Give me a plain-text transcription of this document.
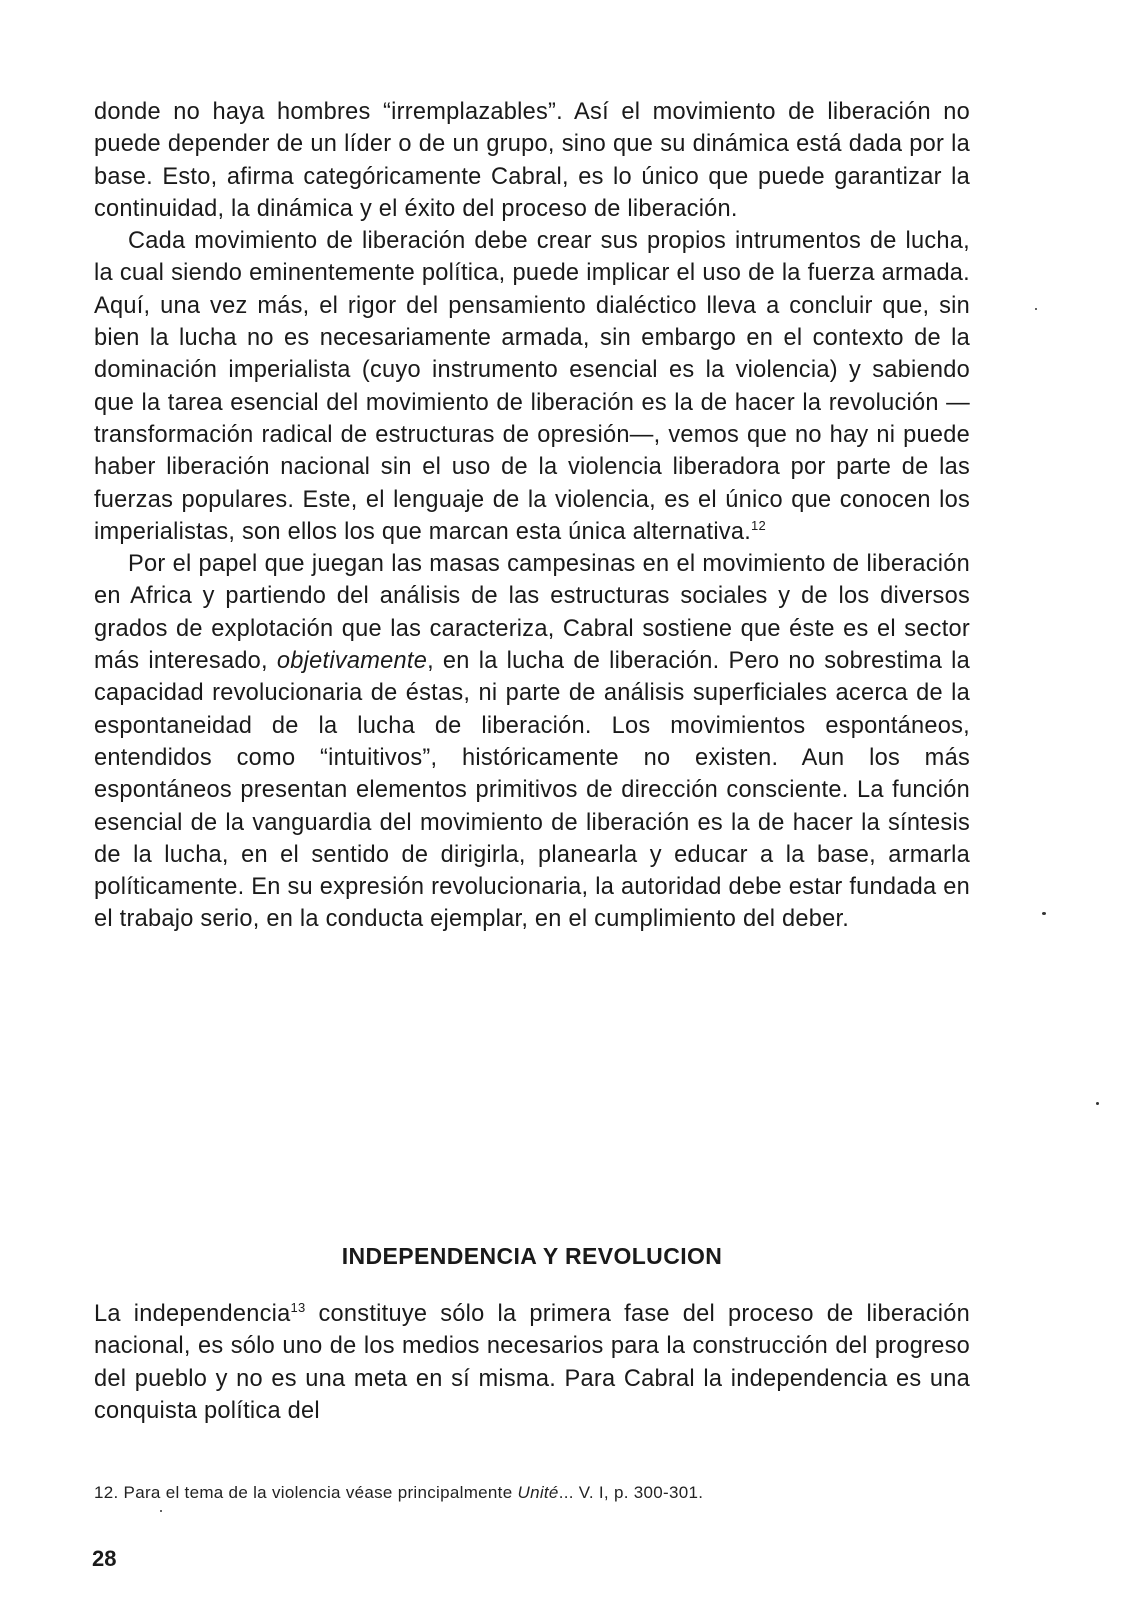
donde no haya hombres “irremplazables”. Así el movimiento de liberación no puede depender de un líder o de un grupo, sino que su dinámica está dada por la base. Esto, afirma categóricamente Cabral, es lo único que puede garantizar la continuidad, la dinámica y el éxito del proceso de liberación.

Cada movimiento de liberación debe crear sus propios intrumentos de lucha, la cual siendo eminentemente política, puede implicar el uso de la fuerza armada. Aquí, una vez más, el rigor del pensamiento dialéctico lleva a concluir que, sin bien la lucha no es necesariamente armada, sin embargo en el contexto de la dominación imperialista (cuyo instrumento esencial es la violencia) y sabiendo que la tarea esencial del movimiento de liberación es la de hacer la revolución —transformación radical de estructuras de opresión—, vemos que no hay ni puede haber liberación nacional sin el uso de la violencia liberadora por parte de las fuerzas populares. Este, el lenguaje de la violencia, es el único que conocen los imperialistas, son ellos los que marcan esta única alternativa.$^{12}$

Por el papel que juegan las masas campesinas en el movimiento de liberación en Africa y partiendo del análisis de las estructuras sociales y de los diversos grados de explotación que las caracteriza, Cabral sostiene que éste es el sector más interesado, objetivamente, en la lucha de liberación. Pero no sobrestima la capacidad revolucionaria de éstas, ni parte de análisis superficiales acerca de la espontaneidad de la lucha de liberación. Los movimientos espontáneos, entendidos como “intuitivos”, históricamente no existen. Aun los más espontáneos presentan elementos primitivos de dirección consciente. La función esencial de la vanguardia del movimiento de liberación es la de hacer la síntesis de la lucha, en el sentido de dirigirla, planearla y educar a la base, armarla políticamente. En su expresión revolucionaria, la autoridad debe estar fundada en el trabajo serio, en la conducta ejemplar, en el cumplimiento del deber.

INDEPENDENCIA Y REVOLUCION

La independencia$^{13}$ constituye sólo la primera fase del proceso de liberación nacional, es sólo uno de los medios necesarios para la construcción del progreso del pueblo y no es una meta en sí misma. Para Cabral la independencia es una conquista política del

12. Para el tema de la violencia véase principalmente Unité... V. I, p. 300-301.
28
